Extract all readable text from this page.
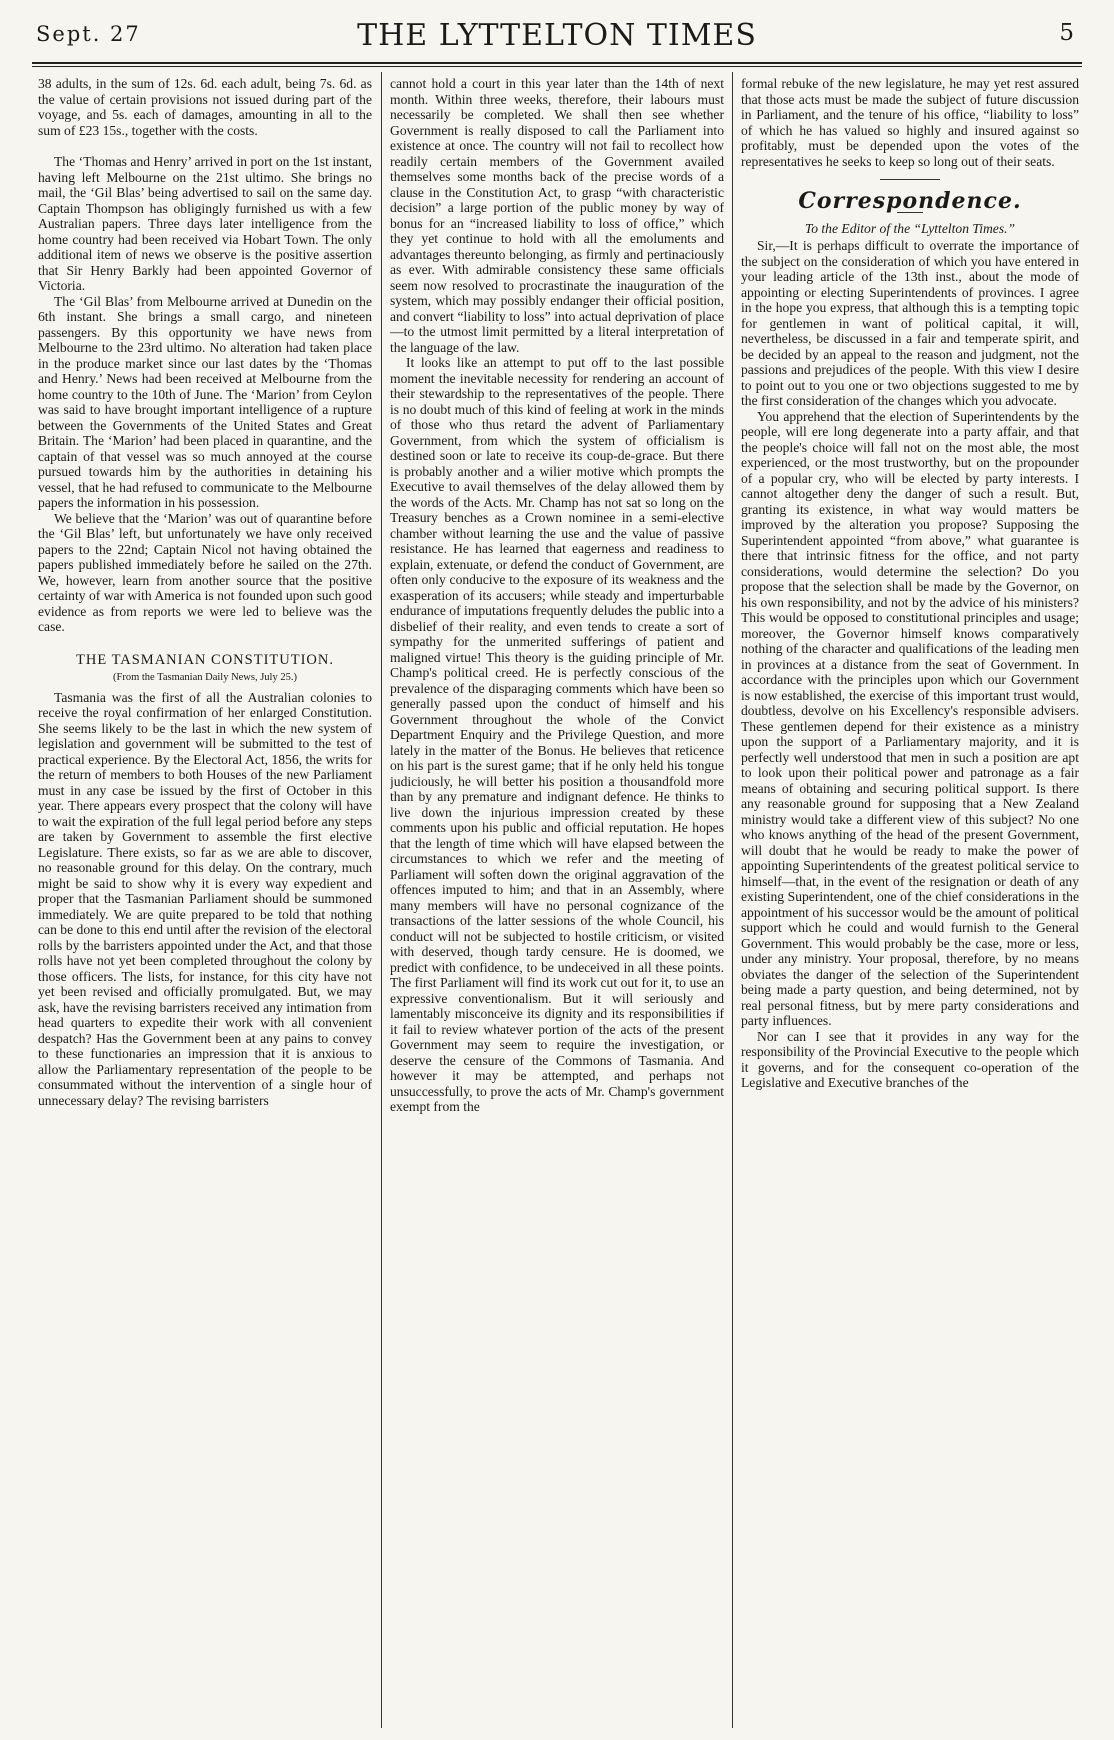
Sept. 27	THE LYTTELTON TIMES	5

38 adults, in the sum of 12s. 6d. each adult, being 7s. 6d. as the value of certain provisions not issued during part of the voyage, and 5s. each of damages, amounting in all to the sum of £23 15s., together with the costs.

The ‘Thomas and Henry’ arrived in port on the 1st instant, having left Melbourne on the 21st ultimo. She brings no mail, the ‘Gil Blas’ being advertised to sail on the same day. Captain Thompson has obligingly furnished us with a few Australian papers. Three days later intelligence from the home country had been received via Hobart Town. The only additional item of news we observe is the positive assertion that Sir Henry Barkly had been appointed Governor of Victoria.

The ‘Gil Blas’ from Melbourne arrived at Dunedin on the 6th instant. She brings a small cargo, and nineteen passengers. By this opportunity we have news from Melbourne to the 23rd ultimo. No alteration had taken place in the produce market since our last dates by the ‘Thomas and Henry.’ News had been received at Melbourne from the home country to the 10th of June. The ‘Marion’ from Ceylon was said to have brought important intelligence of a rupture between the Governments of the United States and Great Britain. The ‘Marion’ had been placed in quarantine, and the captain of that vessel was so much annoyed at the course pursued towards him by the authorities in detaining his vessel, that he had refused to communicate to the Melbourne papers the information in his possession.

We believe that the ‘Marion’ was out of quarantine before the ‘Gil Blas’ left, but unfortunately we have only received papers to the 22nd; Captain Nicol not having obtained the papers published immediately before he sailed on the 27th. We, however, learn from another source that the positive certainty of war with America is not founded upon such good evidence as from reports we were led to believe was the case.

THE TASMANIAN CONSTITUTION.
(From the Tasmanian Daily News, July 25.)

Tasmania was the first of all the Australian colonies to receive the royal confirmation of her enlarged Constitution. She seems likely to be the last in which the new system of legislation and government will be submitted to the test of practical experience. By the Electoral Act, 1856, the writs for the return of members to both Houses of the new Parliament must in any case be issued by the first of October in this year. There appears every prospect that the colony will have to wait the expiration of the full legal period before any steps are taken by Government to assemble the first elective Legislature. There exists, so far as we are able to discover, no reasonable ground for this delay. On the contrary, much might be said to show why it is every way expedient and proper that the Tasmanian Parliament should be summoned immediately. We are quite prepared to be told that nothing can be done to this end until after the revision of the electoral rolls by the barristers appointed under the Act, and that those rolls have not yet been completed throughout the colony by those officers. The lists, for instance, for this city have not yet been revised and officially promulgated. But, we may ask, have the revising barristers received any intimation from head quarters to expedite their work with all convenient despatch? Has the Government been at any pains to convey to these functionaries an impression that it is anxious to allow the Parliamentary representation of the people to be consummated without the intervention of a single hour of unnecessary delay? The revising barristers

cannot hold a court in this year later than the 14th of next month. Within three weeks, therefore, their labours must necessarily be completed. We shall then see whether Government is really disposed to call the Parliament into existence at once. The country will not fail to recollect how readily certain members of the Government availed themselves some months back of the precise words of a clause in the Constitution Act, to grasp “with characteristic decision” a large portion of the public money by way of bonus for an “increased liability to loss of office,” which they yet continue to hold with all the emoluments and advantages thereunto belonging, as firmly and pertinaciously as ever. With admirable consistency these same officials seem now resolved to procrastinate the inauguration of the system, which may possibly endanger their official position, and convert “liability to loss” into actual deprivation of place—to the utmost limit permitted by a literal interpretation of the language of the law.

It looks like an attempt to put off to the last possible moment the inevitable necessity for rendering an account of their stewardship to the representatives of the people. There is no doubt much of this kind of feeling at work in the minds of those who thus retard the advent of Parliamentary Government, from which the system of officialism is destined soon or late to receive its coup-de-grace. But there is probably another and a wilier motive which prompts the Executive to avail themselves of the delay allowed them by the words of the Acts. Mr. Champ has not sat so long on the Treasury benches as a Crown nominee in a semi-elective chamber without learning the use and the value of passive resistance. He has learned that eagerness and readiness to explain, extenuate, or defend the conduct of Government, are often only conducive to the exposure of its weakness and the exasperation of its accusers; while steady and imperturbable endurance of imputations frequently deludes the public into a disbelief of their reality, and even tends to create a sort of sympathy for the unmerited sufferings of patient and maligned virtue! This theory is the guiding principle of Mr. Champ's political creed. He is perfectly conscious of the prevalence of the disparaging comments which have been so generally passed upon the conduct of himself and his Government throughout the whole of the Convict Department Enquiry and the Privilege Question, and more lately in the matter of the Bonus. He believes that reticence on his part is the surest game; that if he only held his tongue judiciously, he will better his position a thousandfold more than by any premature and indignant defence. He thinks to live down the injurious impression created by these comments upon his public and official reputation. He hopes that the length of time which will have elapsed between the circumstances to which we refer and the meeting of Parliament will soften down the original aggravation of the offences imputed to him; and that in an Assembly, where many members will have no personal cognizance of the transactions of the latter sessions of the whole Council, his conduct will not be subjected to hostile criticism, or visited with deserved, though tardy censure. He is doomed, we predict with confidence, to be undeceived in all these points. The first Parliament will find its work cut out for it, to use an expressive conventionalism. But it will seriously and lamentably misconceive its dignity and its responsibilities if it fail to review whatever portion of the acts of the present Government may seem to require the investigation, or deserve the censure of the Commons of Tasmania. And however it may be attempted, and perhaps not unsuccessfully, to prove the acts of Mr. Champ's government exempt from the

formal rebuke of the new legislature, he may yet rest assured that those acts must be made the subject of future discussion in Parliament, and the tenure of his office, “liability to loss” of which he has valued so highly and insured against so profitably, must be depended upon the votes of the representatives he seeks to keep so long out of their seats.

Correspondence.
To the Editor of the “Lyttelton Times.”

Sir,—It is perhaps difficult to overrate the importance of the subject on the consideration of which you have entered in your leading article of the 13th inst., about the mode of appointing or electing Superintendents of provinces. I agree in the hope you express, that although this is a tempting topic for gentlemen in want of political capital, it will, nevertheless, be discussed in a fair and temperate spirit, and be decided by an appeal to the reason and judgment, not the passions and prejudices of the people. With this view I desire to point out to you one or two objections suggested to me by the first consideration of the changes which you advocate.

You apprehend that the election of Superintendents by the people, will ere long degenerate into a party affair, and that the people's choice will fall not on the most able, the most experienced, or the most trustworthy, but on the propounder of a popular cry, who will be elected by party interests. I cannot altogether deny the danger of such a result. But, granting its existence, in what way would matters be improved by the alteration you propose? Supposing the Superintendent appointed “from above,” what guarantee is there that intrinsic fitness for the office, and not party considerations, would determine the selection? Do you propose that the selection shall be made by the Governor, on his own responsibility, and not by the advice of his ministers? This would be opposed to constitutional principles and usage; moreover, the Governor himself knows comparatively nothing of the character and qualifications of the leading men in provinces at a distance from the seat of Government. In accordance with the principles upon which our Government is now established, the exercise of this important trust would, doubtless, devolve on his Excellency's responsible advisers. These gentlemen depend for their existence as a ministry upon the support of a Parliamentary majority, and it is perfectly well understood that men in such a position are apt to look upon their political power and patronage as a fair means of obtaining and securing political support. Is there any reasonable ground for supposing that a New Zealand ministry would take a different view of this subject? No one who knows anything of the head of the present Government, will doubt that he would be ready to make the power of appointing Superintendents of the greatest political service to himself—that, in the event of the resignation or death of any existing Superintendent, one of the chief considerations in the appointment of his successor would be the amount of political support which he could and would furnish to the General Government. This would probably be the case, more or less, under any ministry. Your proposal, therefore, by no means obviates the danger of the selection of the Superintendent being made a party question, and being determined, not by real personal fitness, but by mere party considerations and party influences.

Nor can I see that it provides in any way for the responsibility of the Provincial Executive to the people which it governs, and for the consequent co-operation of the Legislative and Executive branches of the
